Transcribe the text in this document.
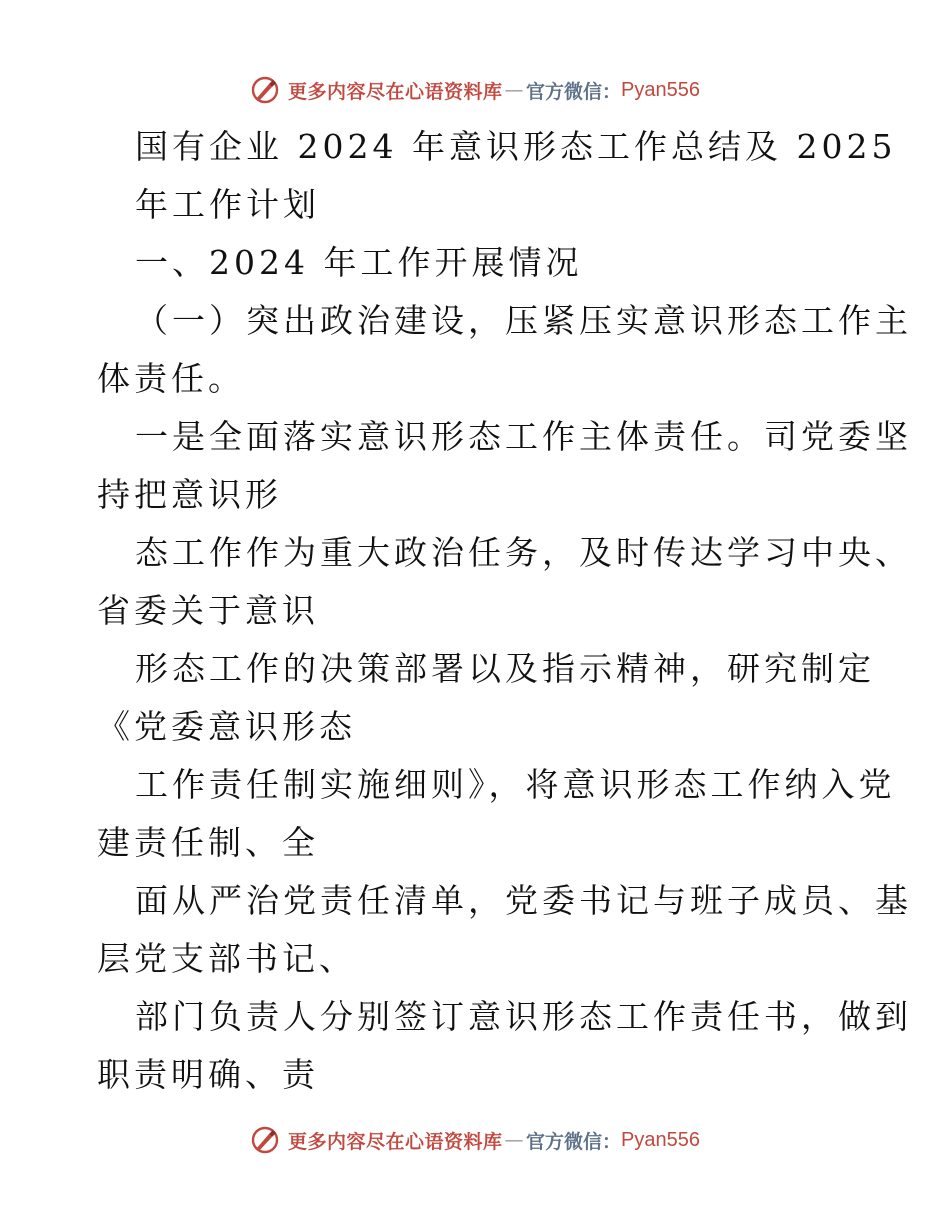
更多内容尽在心语资料库 — 官方微信： Pyan556
国有企业 2024 年意识形态工作总结及 2025
年工作计划
一、2024 年工作开展情况
（一）突出政治建设，压紧压实意识形态工作主
体责任。
一是全面落实意识形态工作主体责任。司党委坚
持把意识形
态工作作为重大政治任务，及时传达学习中央、
省委关于意识
形态工作的决策部署以及指示精神，研究制定
《党委意识形态
工作责任制实施细则》，将意识形态工作纳入党
建责任制、全
面从严治党责任清单，党委书记与班子成员、基
层党支部书记、
部门负责人分别签订意识形态工作责任书，做到
职责明确、责
更多内容尽在心语资料库 — 官方微信： Pyan556
